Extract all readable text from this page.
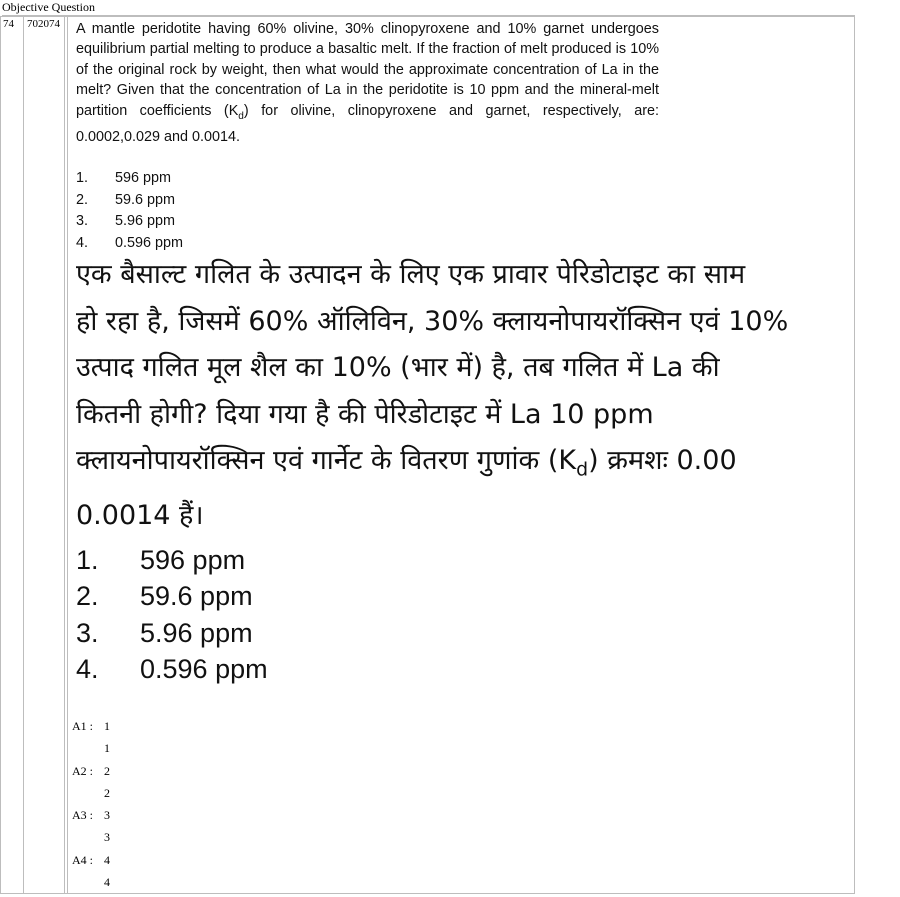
Objective Question
74	702074	A mantle peridotite having 60% olivine, 30% clinopyroxene and 10% garnet undergoes equilibrium partial melting to produce a basaltic melt. If the fraction of melt produced is 10% of the original rock by weight, then what would the approximate concentration of La in the melt? Given that the concentration of La in the peridotite is 10 ppm and the mineral-melt partition coefficients $(K_d)$ for olivine, clinopyroxene and garnet, respectively, are: 0.0002,0.029 and 0.0014.
1. 596 ppm
2. 59.6 ppm
3. 5.96 ppm
4. 0.596 ppm
एक बैसाल्ट गलित के उत्पादन के लिए एक प्रावार पेरिडोटाइट का साम
हो रहा है, जिसमें 60% ऑलिविन, 30% क्लायनोपायरॉक्सिन एवं 10%
उत्पाद गलित मूल शैल का 10% (भार में) है, तब गलित में La की
कितनी होगी? दिया गया है की पेरिडोटाइट में La 10 ppm
क्लायनोपायरॉक्सिन एवं गार्नेट के वितरण गुणांक $(K_d)$ क्रमशः 0.00
0.0014 हैं।
1. 596 ppm
2. 59.6 ppm
3. 5.96 ppm
4. 0.596 ppm
A1 : 1
1
A2 : 2
2
A3 : 3
3
A4 : 4
4
